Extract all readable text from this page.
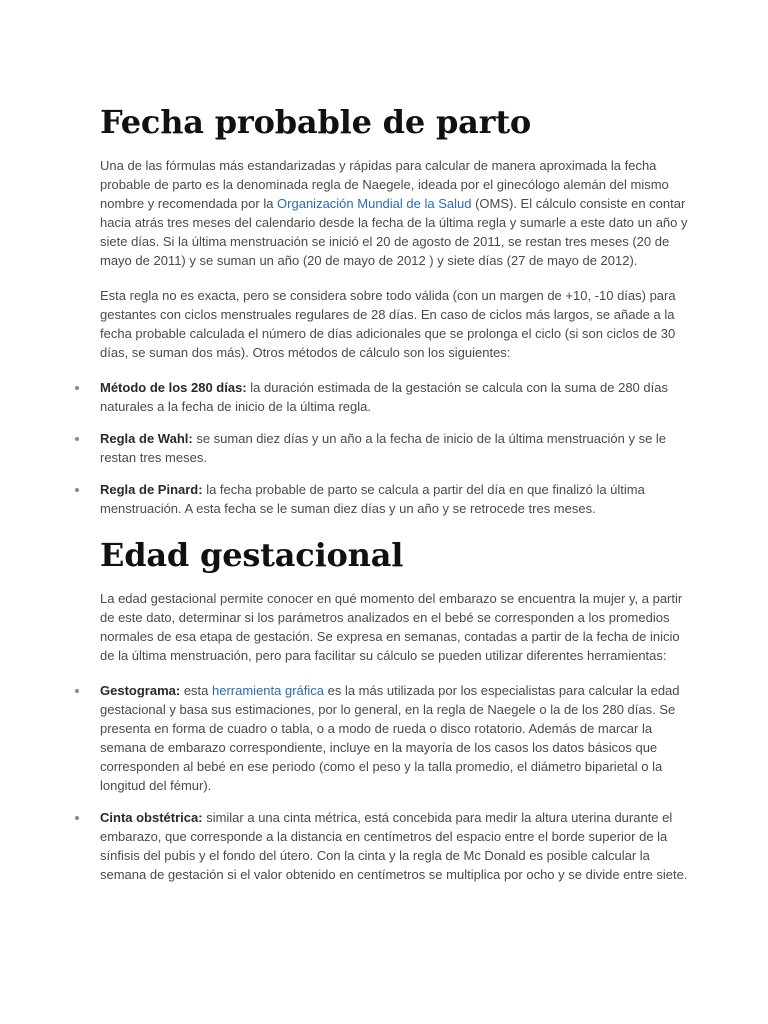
Fecha probable de parto

Una de las fórmulas más estandarizadas y rápidas para calcular de manera aproximada la fecha probable de parto es la denominada regla de Naegele, ideada por el ginecólogo alemán del mismo nombre y recomendada por la Organización Mundial de la Salud (OMS). El cálculo consiste en contar hacia atrás tres meses del calendario desde la fecha de la última regla y sumarle a este dato un año y siete días. Si la última menstruación se inició el 20 de agosto de 2011, se restan tres meses (20 de mayo de 2011) y se suman un año (20 de mayo de 2012 ) y siete días (27 de mayo de 2012).

Esta regla no es exacta, pero se considera sobre todo válida (con un margen de +10, -10 días) para gestantes con ciclos menstruales regulares de 28 días. En caso de ciclos más largos, se añade a la fecha probable calculada el número de días adicionales que se prolonga el ciclo (si son ciclos de 30 días, se suman dos más). Otros métodos de cálculo son los siguientes:

Método de los 280 días: la duración estimada de la gestación se calcula con la suma de 280 días naturales a la fecha de inicio de la última regla.
Regla de Wahl: se suman diez días y un año a la fecha de inicio de la última menstruación y se le restan tres meses.
Regla de Pinard: la fecha probable de parto se calcula a partir del día en que finalizó la última menstruación. A esta fecha se le suman diez días y un año y se retrocede tres meses.
Edad gestacional

La edad gestacional permite conocer en qué momento del embarazo se encuentra la mujer y, a partir de este dato, determinar si los parámetros analizados en el bebé se corresponden a los promedios normales de esa etapa de gestación. Se expresa en semanas, contadas a partir de la fecha de inicio de la última menstruación, pero para facilitar su cálculo se pueden utilizar diferentes herramientas:

Gestograma: esta herramienta gráfica es la más utilizada por los especialistas para calcular la edad gestacional y basa sus estimaciones, por lo general, en la regla de Naegele o la de los 280 días. Se presenta en forma de cuadro o tabla, o a modo de rueda o disco rotatorio. Además de marcar la semana de embarazo correspondiente, incluye en la mayoría de los casos los datos básicos que corresponden al bebé en ese periodo (como el peso y la talla promedio, el diámetro biparietal o la longitud del fémur).
Cinta obstétrica: similar a una cinta métrica, está concebida para medir la altura uterina durante el embarazo, que corresponde a la distancia en centímetros del espacio entre el borde superior de la sínfisis del pubis y el fondo del útero. Con la cinta y la regla de Mc Donald es posible calcular la semana de gestación si el valor obtenido en centímetros se multiplica por ocho y se divide entre siete.
